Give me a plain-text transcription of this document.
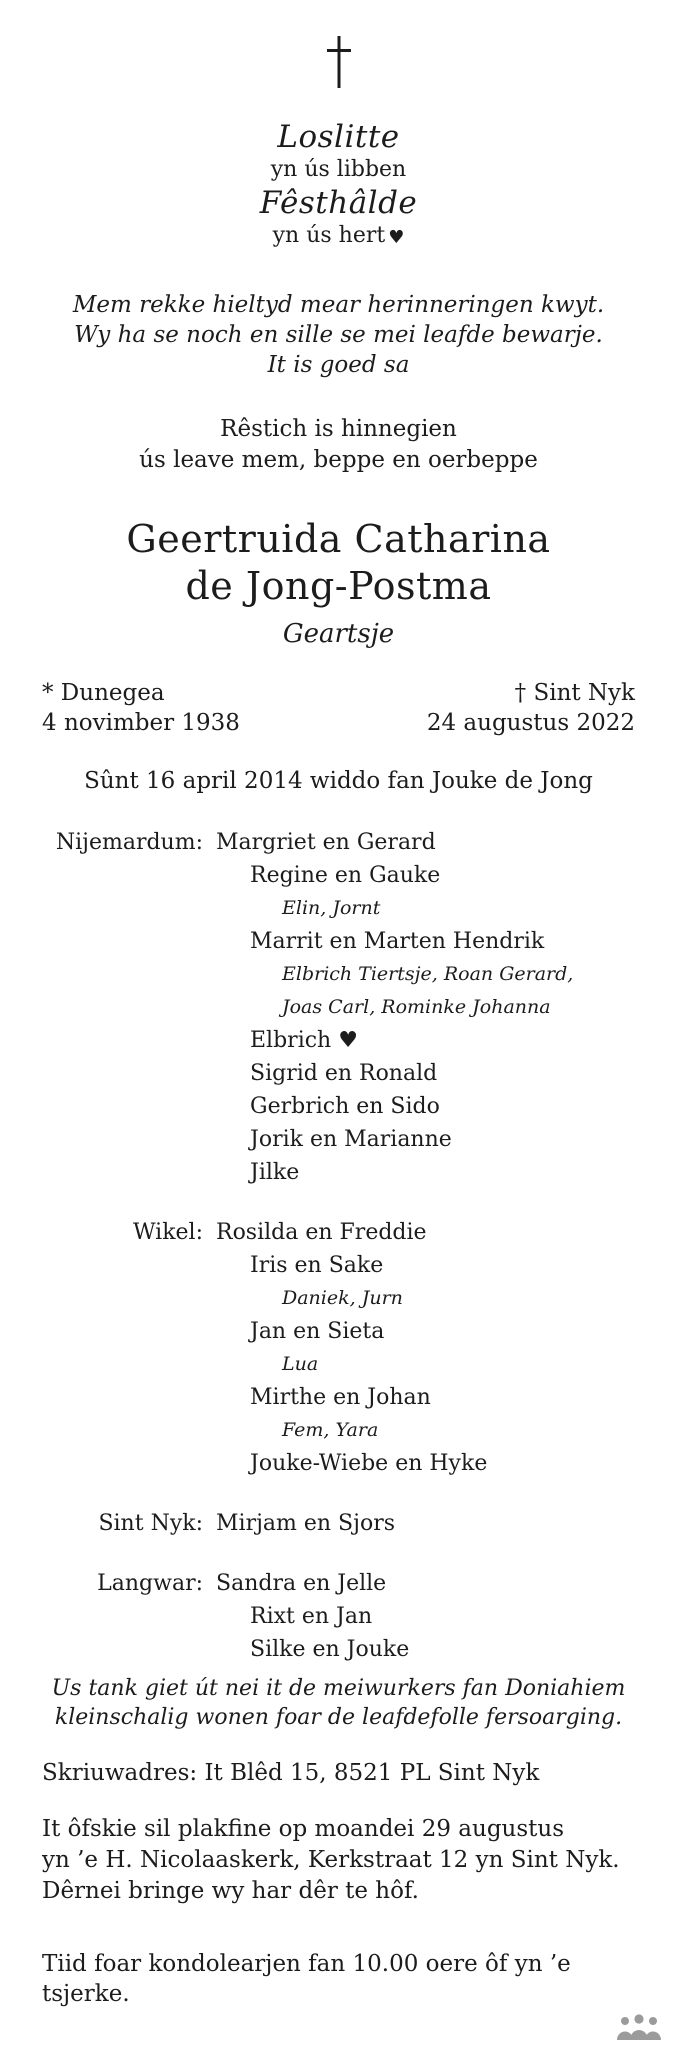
Loslitte
yn ús libben
Fêsthâlde
yn ús hert ♥
Mem rekke hieltyd mear herinneringen kwyt.
Wy ha se noch en sille se mei leafde bewarje.
It is goed sa
Rêstich is hinnegien
ús leave mem, beppe en oerbeppe
Geertruida Catharina
de Jong-Postma
Geartsje
* Dunegea
4 novimber 1938
† Sint Nyk
24 augustus 2022
Sûnt 16 april 2014 widdo fan Jouke de Jong
Nijemardum: Margriet en Gerard
Regine en Gauke
Elin, Jornt
Marrit en Marten Hendrik
Elbrich Tiertsje, Roan Gerard,
Joas Carl, Rominke Johanna
Elbrich ♥
Sigrid en Ronald
Gerbrich en Sido
Jorik en Marianne
Jilke
Wikel: Rosilda en Freddie
Iris en Sake
Daniek, Jurn
Jan en Sieta
Lua
Mirthe en Johan
Fem, Yara
Jouke-Wiebe en Hyke
Sint Nyk: Mirjam en Sjors
Langwar: Sandra en Jelle
Rixt en Jan
Silke en Jouke
Us tank giet út nei it de meiwurkers fan Doniahiem
kleinschalig wonen foar de leafdefolle fersoarging.
Skriuwadres: It Blêd 15, 8521 PL Sint Nyk
It ôfskie sil plakfine op moandei 29 augustus
yn ’e H. Nicolaaskerk, Kerkstraat 12 yn Sint Nyk.
Dêrnei bringe wy har dêr te hôf.
Tiid foar kondolearjen fan 10.00 oere ôf yn ’e tsjerke.
